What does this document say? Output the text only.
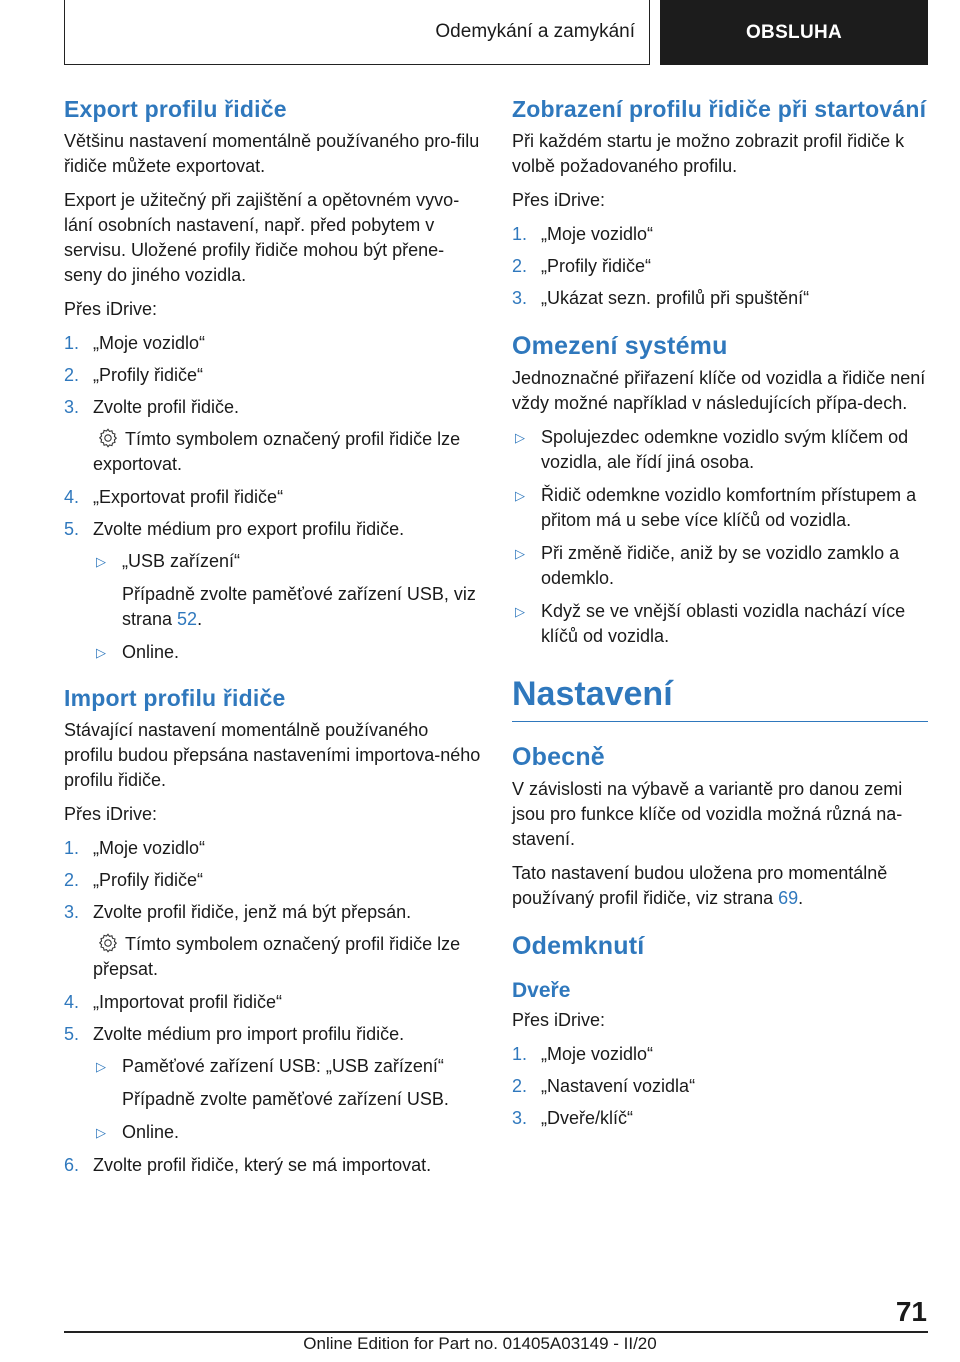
Odemykání a zamykání	OBSLUHA
Export profilu řidiče

Většinu nastavení momentálně používaného pro-filu řidiče můžete exportovat.

Export je užitečný při zajištění a opětovném vyvo-lání osobních nastavení, např. před pobytem v servisu. Uložené profily řidiče mohou být přene-seny do jiného vozidla.

Přes iDrive:

1. „Moje vozidlo“
2. „Profily řidiče“
3. Zvolte profil řidiče.
Tímto symbolem označený profil řidiče lze exportovat.
4. „Exportovat profil řidiče“
5. Zvolte médium pro export profilu řidiče.
▷ „USB zařízení“
Případně zvolte paměťové zařízení USB, viz strana 52.
▷ Online.
Import profilu řidiče

Stávající nastavení momentálně používaného profilu budou přepsána nastaveními importova-ného profilu řidiče.

Přes iDrive:

1. „Moje vozidlo“
2. „Profily řidiče“
3. Zvolte profil řidiče, jenž má být přepsán.
Tímto symbolem označený profil řidiče lze přepsat.
4. „Importovat profil řidiče“
5. Zvolte médium pro import profilu řidiče.
▷ Paměťové zařízení USB: „USB zařízení“
Případně zvolte paměťové zařízení USB.
▷ Online.
6. Zvolte profil řidiče, který se má importovat.
Zobrazení profilu řidiče při startování

Při každém startu je možno zobrazit profil řidiče k volbě požadovaného profilu.

Přes iDrive:

1. „Moje vozidlo“
2. „Profily řidiče“
3. „Ukázat sezn. profilů při spuštění“
Omezení systému

Jednoznačné přiřazení klíče od vozidla a řidiče není vždy možné například v následujících přípa-dech.

▷ Spolujezdec odemkne vozidlo svým klíčem od vozidla, ale řídí jiná osoba.
▷ Řidič odemkne vozidlo komfortním přístupem a přitom má u sebe více klíčů od vozidla.
▷ Při změně řidiče, aniž by se vozidlo zamklo a odemklo.
▷ Když se ve vnější oblasti vozidla nachází více klíčů od vozidla.
Nastavení
Obecně

V závislosti na výbavě a variantě pro danou zemi jsou pro funkce klíče od vozidla možná různá na-stavení.

Tato nastavení budou uložena pro momentálně používaný profil řidiče, viz strana 69.

Odemknutí
Dveře

Přes iDrive:

1. „Moje vozidlo“
2. „Nastavení vozidla“
3. „Dveře/klíč“
71
Online Edition for Part no. 01405A03149 - II/20
